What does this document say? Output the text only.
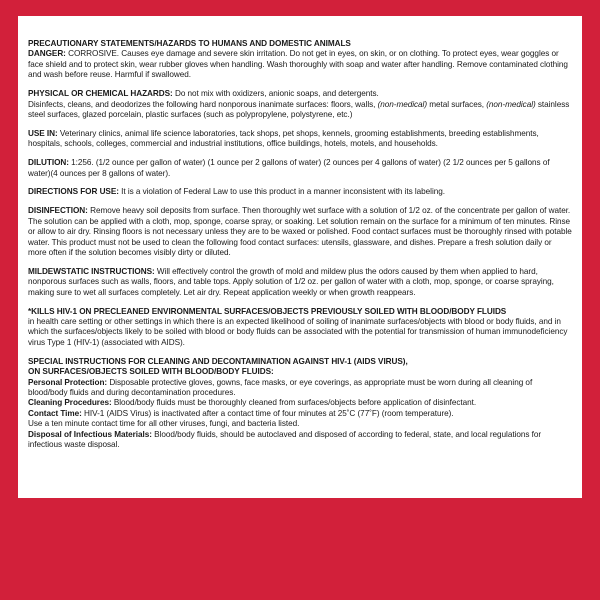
PRECAUTIONARY STATEMENTS/HAZARDS TO HUMANS AND DOMESTIC ANIMALS

DANGER: CORROSIVE. Causes eye damage and severe skin irritation. Do not get in eyes, on skin, or on clothing. To protect eyes, wear goggles or face shield and to protect skin, wear rubber gloves when handling. Wash thoroughly with soap and water after handling. Remove contaminated clothing and wash before reuse. Harmful if swallowed.

PHYSICAL OR CHEMICAL HAZARDS: Do not mix with oxidizers, anionic soaps, and detergents.

Disinfects, cleans, and deodorizes the following hard nonporous inanimate surfaces: floors, walls, (non-medical) metal surfaces, (non-medical) stainless steel surfaces, glazed porcelain, plastic surfaces (such as polypropylene, polystyrene, etc.)

USE IN: Veterinary clinics, animal life science laboratories, tack shops, pet shops, kennels, grooming establishments, breeding establishments, hospitals, schools, colleges, commercial and industrial institutions, office buildings, hotels, motels, and households.

DILUTION: 1:256. (1/2 ounce per gallon of water) (1 ounce per 2 gallons of water) (2 ounces per 4 gallons of water) (2 1/2 ounces per 5 gallons of water)(4 ounces per 8 gallons of water).

DIRECTIONS FOR USE: It is a violation of Federal Law to use this product in a manner inconsistent with its labeling.

DISINFECTION: Remove heavy soil deposits from surface. Then thoroughly wet surface with a solution of 1/2 oz. of the concentrate per gallon of water. The solution can be applied with a cloth, mop, sponge, coarse spray, or soaking. Let solution remain on the surface for a minimum of ten minutes. Rinse or allow to air dry. Rinsing floors is not necessary unless they are to be waxed or polished. Food contact surfaces must be thoroughly rinsed with potable water. This product must not be used to clean the following food contact surfaces: utensils, glassware, and dishes. Prepare a fresh solution daily or more often if the solution becomes visibly dirty or diluted.

MILDEWSTATIC INSTRUCTIONS: Will effectively control the growth of mold and mildew plus the odors caused by them when applied to hard, nonporous surfaces such as walls, floors, and table tops. Apply solution of 1/2 oz. per gallon of water with a cloth, mop, sponge, or coarse spraying, making sure to wet all surfaces completely. Let air dry. Repeat application weekly or when growth reappears.

*KILLS HIV-1 ON PRECLEANED ENVIRONMENTAL SURFACES/OBJECTS PREVIOUSLY SOILED WITH BLOOD/BODY FLUIDS

in health care setting or other settings in which there is an expected likelihood of soiling of inanimate surfaces/objects with blood or body fluids, and in which the surfaces/objects likely to be soiled with blood or body fluids can be associated with the potential for transmission of human immunodeficiency virus Type 1 (HIV-1) (associated with AIDS).

SPECIAL INSTRUCTIONS FOR CLEANING AND DECONTAMINATION AGAINST HIV-1 (AIDS VIRUS),

ON SURFACES/OBJECTS SOILED WITH BLOOD/BODY FLUIDS:

Personal Protection: Disposable protective gloves, gowns, face masks, or eye coverings, as appropriate must be worn during all cleaning of blood/body fluids and during decontamination procedures.

Cleaning Procedures: Blood/body fluids must be thoroughly cleaned from surfaces/objects before application of disinfectant.

Contact Time: HIV-1 (AIDS Virus) is inactivated after a contact time of four minutes at 25˚C (77˚F) (room temperature).

Use a ten minute contact time for all other viruses, fungi, and bacteria listed.

Disposal of Infectious Materials: Blood/body fluids, should be autoclaved and disposed of according to federal, state, and local regulations for infectious waste disposal.
